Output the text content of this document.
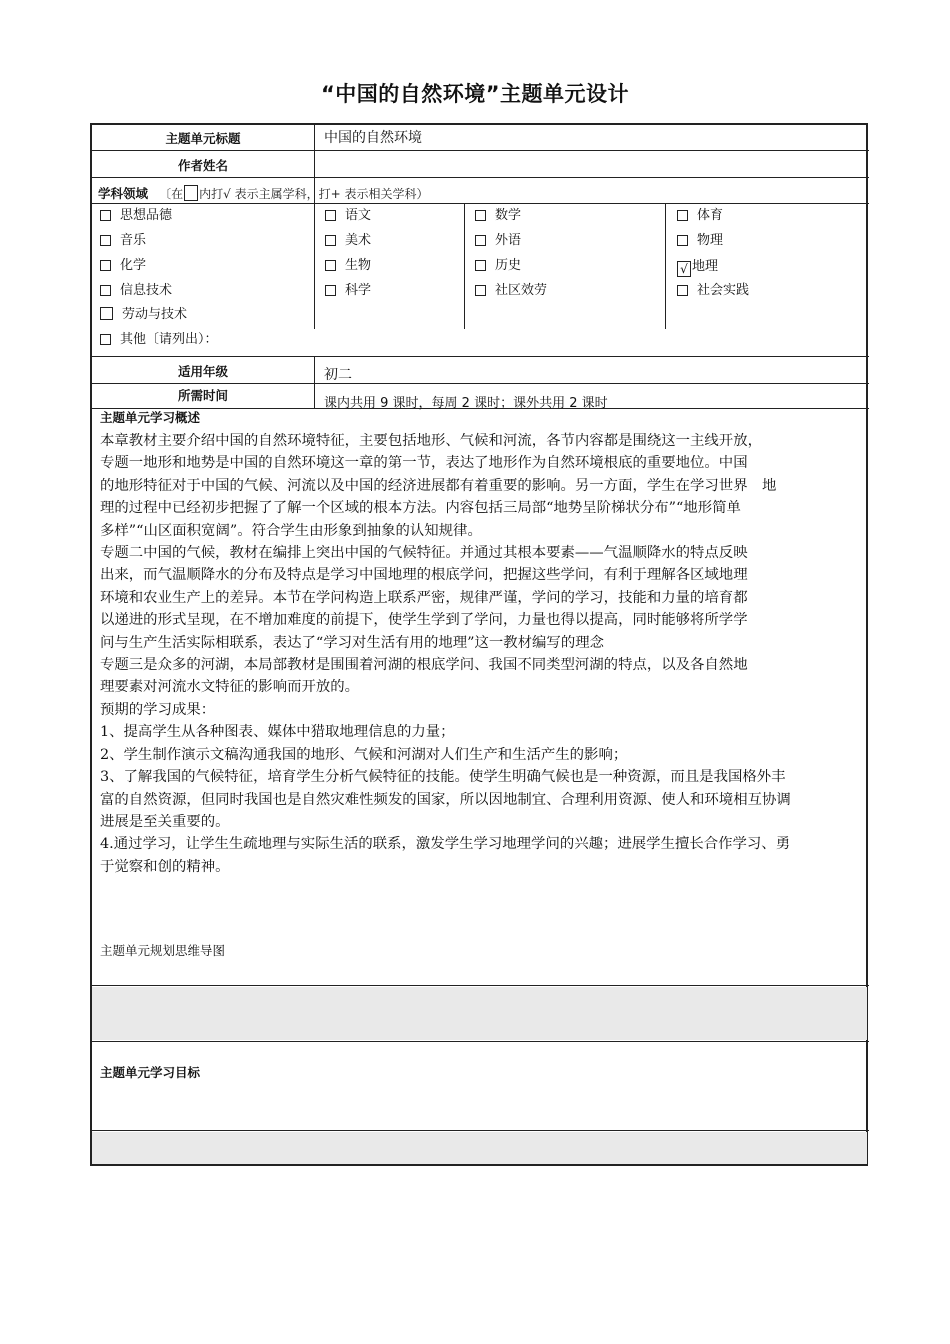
“中国的自然环境”主题单元设计
主题单元标题	中国的自然环境
作者姓名
学科领域 〔在 内打√ 表示主属学科，打+ 表示相关学科）
思想品德
音乐
化学
信息技术
劳动与技术
其他〔请列出）：
语文
美术
生物
科学
数学
外语
历史
社区效劳
体育
物理
√ 地理
社会实践
适用年级	初二
所需时间
课内共用 9 课时，每周 2 课时；课外共用 2 课时
主题单元学习概述

本章教材主要介绍中国的自然环境特征，主要包括地形、气候和河流，各节内容都是围绕这一主线开放，

专题一地形和地势是中国的自然环境这一章的第一节，表达了地形作为自然环境根底的重要地位。中国

的地形特征对于中国的气候、河流以及中国的经济进展都有着重要的影响。另一方面，学生在学习世界　地

理的过程中已经初步把握了了解一个区域的根本方法。内容包括三局部“地势呈阶梯状分布”“地形简单

多样”“山区面积宽阔”。符合学生由形象到抽象的认知规律。

专题二中国的气候，教材在编排上突出中国的气候特征。并通过其根本要素——气温顺降水的特点反映

出来，而气温顺降水的分布及特点是学习中国地理的根底学问，把握这些学问，有利于理解各区域地理

环境和农业生产上的差异。本节在学问构造上联系严密，规律严谨，学问的学习，技能和力量的培育都

以递进的形式呈现，在不增加难度的前提下，使学生学到了学问，力量也得以提高，同时能够将所学学

问与生产生活实际相联系，表达了“学习对生活有用的地理”这一教材编写的理念

专题三是众多的河湖，本局部教材是围围着河湖的根底学问、我国不同类型河湖的特点，以及各自然地

理要素对河流水文特征的影响而开放的。

预期的学习成果：

1、提高学生从各种图表、媒体中猎取地理信息的力量；

2、学生制作演示文稿沟通我国的地形、气候和河湖对人们生产和生活产生的影响；

3、了解我国的气候特征，培育学生分析气候特征的技能。使学生明确气候也是一种资源，而且是我国格外丰

富的自然资源，但同时我国也是自然灾难性频发的国家，所以因地制宜、合理利用资源、使人和环境相互协调

进展是至关重要的。

4.通过学习，让学生生疏地理与实际生活的联系，激发学生学习地理学问的兴趣；进展学生擅长合作学习、勇

于觉察和创的精神。

主题单元规划思维导图
主题单元学习目标
